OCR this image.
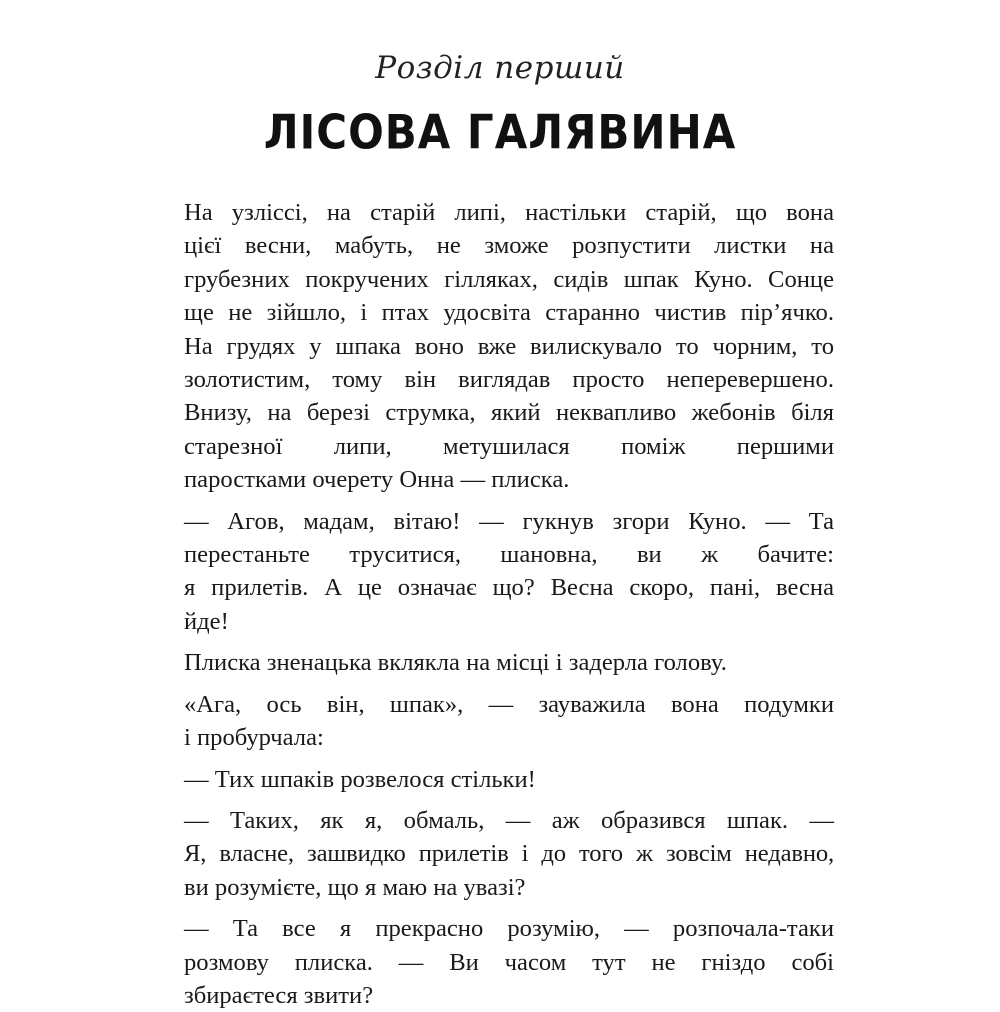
Розділ перший
ЛІСОВА ГАЛЯВИНА

На узліссі, на старій липі, настільки старій, що вона
цієї весни, мабуть, не зможе розпустити листки на
грубезних покручених гілляках, сидів шпак Куно. Сонце
ще не зійшло, і птах удосвіта старанно чистив пір’ячко.
На грудях у шпака воно вже вилискувало то чорним, то
золотистим, тому він виглядав просто неперевершено.
Внизу, на березі струмка, який неквапливо жебонів біля
старезної липи, метушилася поміж першими
паростками очерету Онна — плиска.

— Агов, мадам, вітаю! — гукнув згори Куно. — Та
перестаньте труситися, шановна, ви ж бачите:
я прилетів. А це означає що? Весна скоро, пані, весна
йде!

Плиска зненацька вклякла на місці і задерла голову.

«Ага, ось він, шпак», — зауважила вона подумки
і пробурчала:

— Тих шпаків розвелося стільки!

— Таких, як я, обмаль, — аж образився шпак. —
Я, власне, зашвидко прилетів і до того ж зовсім недавно,
ви розумієте, що я маю на увазі?

— Та все я прекрасно розумію, — розпочала-таки
розмову плиска. — Ви часом тут не гніздо собі
збираєтеся звити?
